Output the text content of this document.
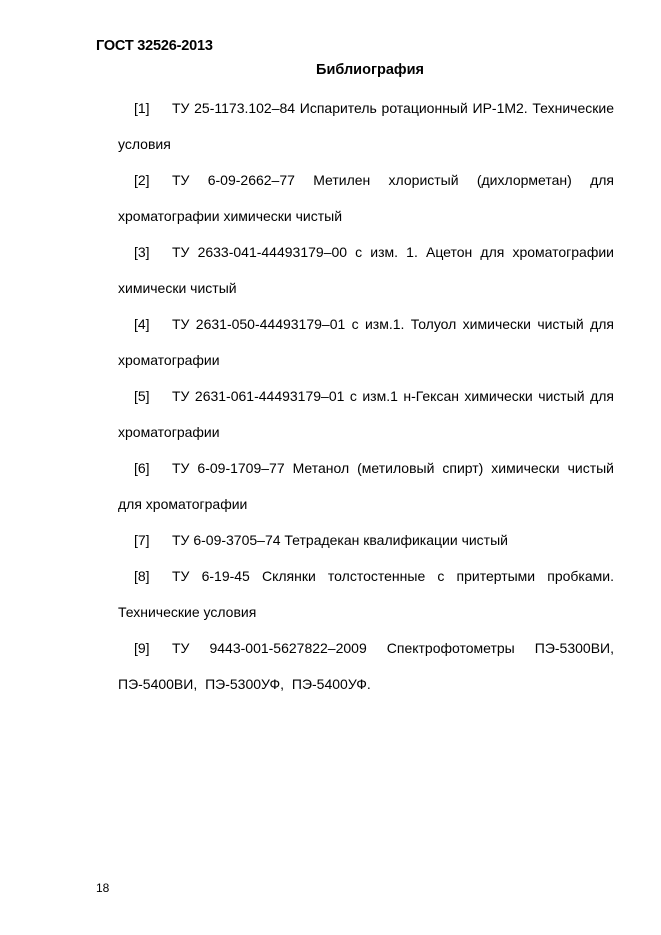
ГОСТ 32526-2013
Библиография

[1] ТУ 25-1173.102–84 Испаритель ротационный ИР-1М2. Технические условия

[2] ТУ 6-09-2662–77 Метилен хлористый (дихлорметан) для хроматографии химически чистый

[3] ТУ 2633-041-44493179–00 с изм. 1. Ацетон для хроматографии химически чистый

[4] ТУ 2631-050-44493179–01 с изм.1. Толуол химически чистый для хроматографии

[5] ТУ 2631-061-44493179–01 с изм.1 н-Гексан химически чистый для хроматографии

[6] ТУ 6-09-1709–77 Метанол (метиловый спирт) химически чистый для хроматографии

[7] ТУ 6-09-3705–74 Тетрадекан квалификации чистый

[8] ТУ 6-19-45 Склянки толстостенные с притертыми пробками. Технические условия

[9] ТУ 9443-001-5627822–2009 Спектрофотометры ПЭ-5300ВИ, ПЭ-5400ВИ, ПЭ-5300УФ, ПЭ-5400УФ.

18
